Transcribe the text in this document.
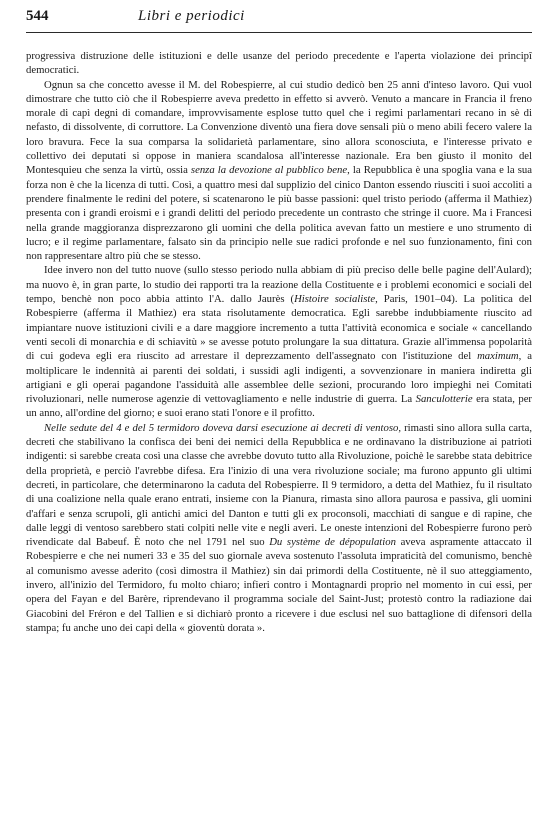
544	Libri e periodici

progressiva distruzione delle istituzioni e delle usanze del periodo precedente e l'aperta violazione dei principî democratici.

Ognun sa che concetto avesse il M. del Robespierre, al cui studio dedicò ben 25 anni d'inteso lavoro. Qui vuol dimostrare che tutto ciò che il Robespierre aveva predetto in effetto si avverò. Venuto a mancare in Francia il freno morale di capì degni di comandare, improvvisamente esplose tutto quel che i regimi parlamentari recano in sè di nefasto, di dissolvente, di corruttore. La Convenzione diventò una fiera dove sensali più o meno abili fecero valere la loro bravura. Fece la sua comparsa la solidarietà parlamentare, sino allora sconosciuta, e l'interesse privato e collettivo dei deputati si oppose in maniera scandalosa all'interesse nazionale. Era ben giusto il monito del Montesquieu che senza la virtù, ossia senza la devozione al pubblico bene, la Repubblica è una spoglia vana e la sua forza non è che la licenza di tutti. Così, a quattro mesi dal supplizio del cinico Danton essendo riusciti i suoi accoliti a prendere finalmente le redini del potere, si scatenarono le più basse passioni: quel tristo periodo (afferma il Mathiez) presenta con i grandi eroismi e i grandi delitti del periodo precedente un contrasto che stringe il cuore. Ma i Francesi nella grande maggioranza disprezzarono gli uomini che della politica avevan fatto un mestiere e uno strumento di lucro; e il regime parlamentare, falsato sin da principio nelle sue radici profonde e nel suo funzionamento, finì con non rappresentare altro più che se stesso.

Idee invero non del tutto nuove (sullo stesso periodo nulla abbiam di più preciso delle belle pagine dell'Aulard); ma nuovo è, in gran parte, lo studio dei rapporti tra la reazione della Costituente e i problemi economici e sociali del tempo, benchè non poco abbia attinto l'A. dallo Jaurès (Histoire socialiste, Paris, 1901–04). La politica del Robespierre (afferma il Mathiez) era stata risolutamente democratica. Egli sarebbe indubbiamente riuscito ad impiantare nuove istituzioni civili e a dare maggiore incremento a tutta l'attività economica e sociale « cancellando venti secoli di monarchia e di schiavitù » se avesse potuto prolungare la sua dittatura. Grazie all'immensa popolarità di cui godeva egli era riuscito ad arrestare il deprezzamento dell'assegnato con l'istituzione del maximum, a moltiplicare le indennità ai parenti dei soldati, i sussidi agli indigenti, a sovvenzionare in maniera indiretta gli artigiani e gli operai pagandone l'assiduità alle assemblee delle sezioni, procurando loro impieghi nei Comitati rivoluzionari, nelle numerose agenzie di vettovagliamento e nelle industrie di guerra. La Sanculotterie era stata, per un anno, all'ordine del giorno; e suoi erano stati l'onore e il profitto.

Nelle sedute del 4 e del 5 termidoro doveva darsi esecuzione ai decreti di ventoso, rimasti sino allora sulla carta, decreti che stabilivano la confisca dei beni dei nemici della Repubblica e ne ordinavano la distribuzione ai patrioti indigenti: si sarebbe creata così una classe che avrebbe dovuto tutto alla Rivoluzione, poichè le sarebbe stata debitrice della proprietà, e perciò l'avrebbe difesa. Era l'inizio di una vera rivoluzione sociale; ma furono appunto gli ultimi decreti, in particolare, che determinarono la caduta del Robespierre. Il 9 termidoro, a detta del Mathiez, fu il risultato di una coalizione nella quale erano entrati, insieme con la Pianura, rimasta sino allora paurosa e passiva, gli uomini d'affari e senza scrupoli, gli antichi amici del Danton e tutti gli ex proconsoli, macchiati di sangue e di rapine, che dalle leggi di ventoso sarebbero stati colpiti nelle vite e negli averi. Le oneste intenzioni del Robespierre furono però rivendicate dal Babeuf. È noto che nel 1791 nel suo Du système de dépopulation aveva aspramente attaccato il Robespierre e che nei numeri 33 e 35 del suo giornale aveva sostenuto l'assoluta impraticità del comunismo, benchè al comunismo avesse aderito (così dimostra il Mathiez) sin dai primordi della Costituente, nè il suo atteggiamento, invero, all'inizio del Termidoro, fu molto chiaro; infieri contro i Montagnardi proprio nel momento in cui essi, per opera del Fayan e del Barère, riprendevano il programma sociale del Saint-Just; protestò contro la radiazione dai Giacobini del Fréron e del Tallien e si dichiarò pronto a ricevere i due esclusi nel suo battaglione di difensori della stampa; fu anche uno dei capi della « gioventù dorata ».
